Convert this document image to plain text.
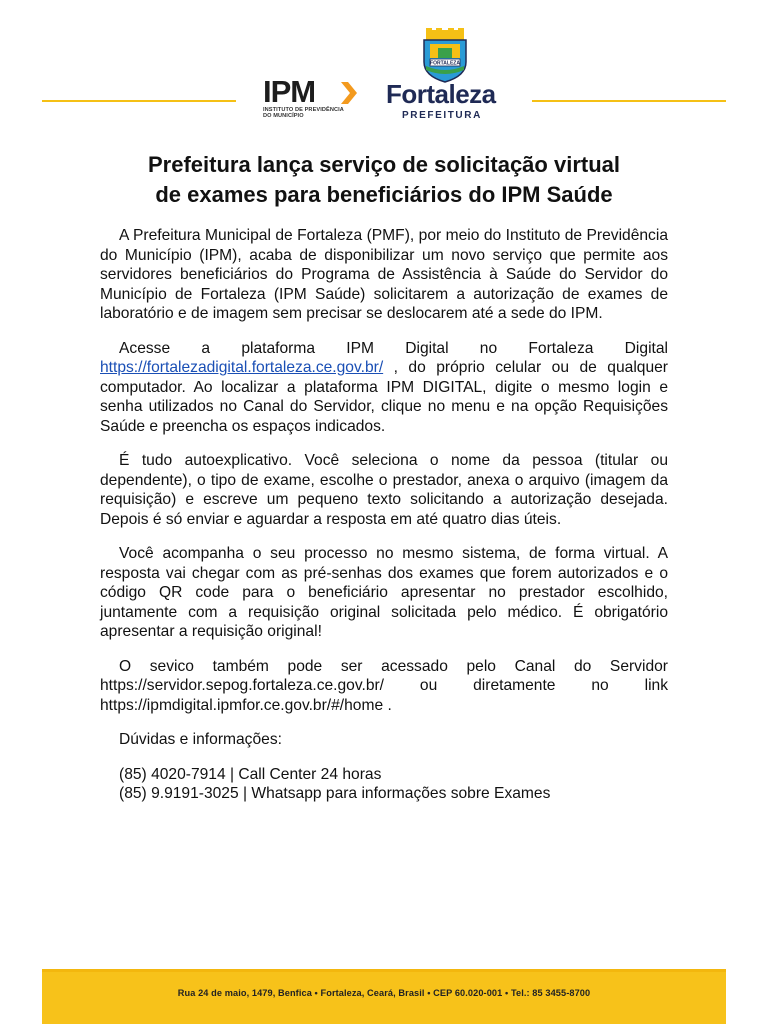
IPM
INSTITUTO DE PREVIDÊNCIA
DO MUNICÍPIO
FORTALEZA
Fortaleza
PREFEITURA
Prefeitura lança serviço de solicitação virtual
de exames para beneficiários do IPM Saúde

A Prefeitura Municipal de Fortaleza (PMF), por meio do Instituto de Previdência do Município (IPM), acaba de disponibilizar um novo serviço que permite aos servidores beneficiários do Programa de Assistência à Saúde do Servidor do Município de Fortaleza (IPM Saúde) solicitarem a autorização de exames de laboratório e de imagem sem precisar se deslocarem até a sede do IPM.

Acesse a plataforma IPM Digital no Fortaleza Digital https://fortalezadigital.fortaleza.ce.gov.br/ , do próprio celular ou de qualquer computador. Ao localizar a plataforma IPM DIGITAL, digite o mesmo login e senha utilizados no Canal do Servidor, clique no menu e na opção Requisições Saúde e preencha os espaços indicados.

É tudo autoexplicativo. Você seleciona o nome da pessoa (titular ou dependente), o tipo de exame, escolhe o prestador, anexa o arquivo (imagem da requisição) e escreve um pequeno texto solicitando a autorização desejada. Depois é só enviar e aguardar a resposta em até quatro dias úteis.

Você acompanha o seu processo no mesmo sistema, de forma virtual. A resposta vai chegar com as pré-senhas dos exames que forem autorizados e o código QR code para o beneficiário apresentar no prestador escolhido, juntamente com a requisição original solicitada pelo médico. É obrigatório apresentar a requisição original!

O sevico também pode ser acessado pelo Canal do Servidor https://servidor.sepog.fortaleza.ce.gov.br/ ou diretamente no link https://ipmdigital.ipmfor.ce.gov.br/#/home .

Dúvidas e informações:

(85) 4020-7914 | Call Center 24 horas

(85) 9.9191-3025 | Whatsapp para informações sobre Exames

Rua 24 de maio, 1479, Benfica • Fortaleza, Ceará, Brasil • CEP 60.020-001 • Tel.: 85 3455-8700
